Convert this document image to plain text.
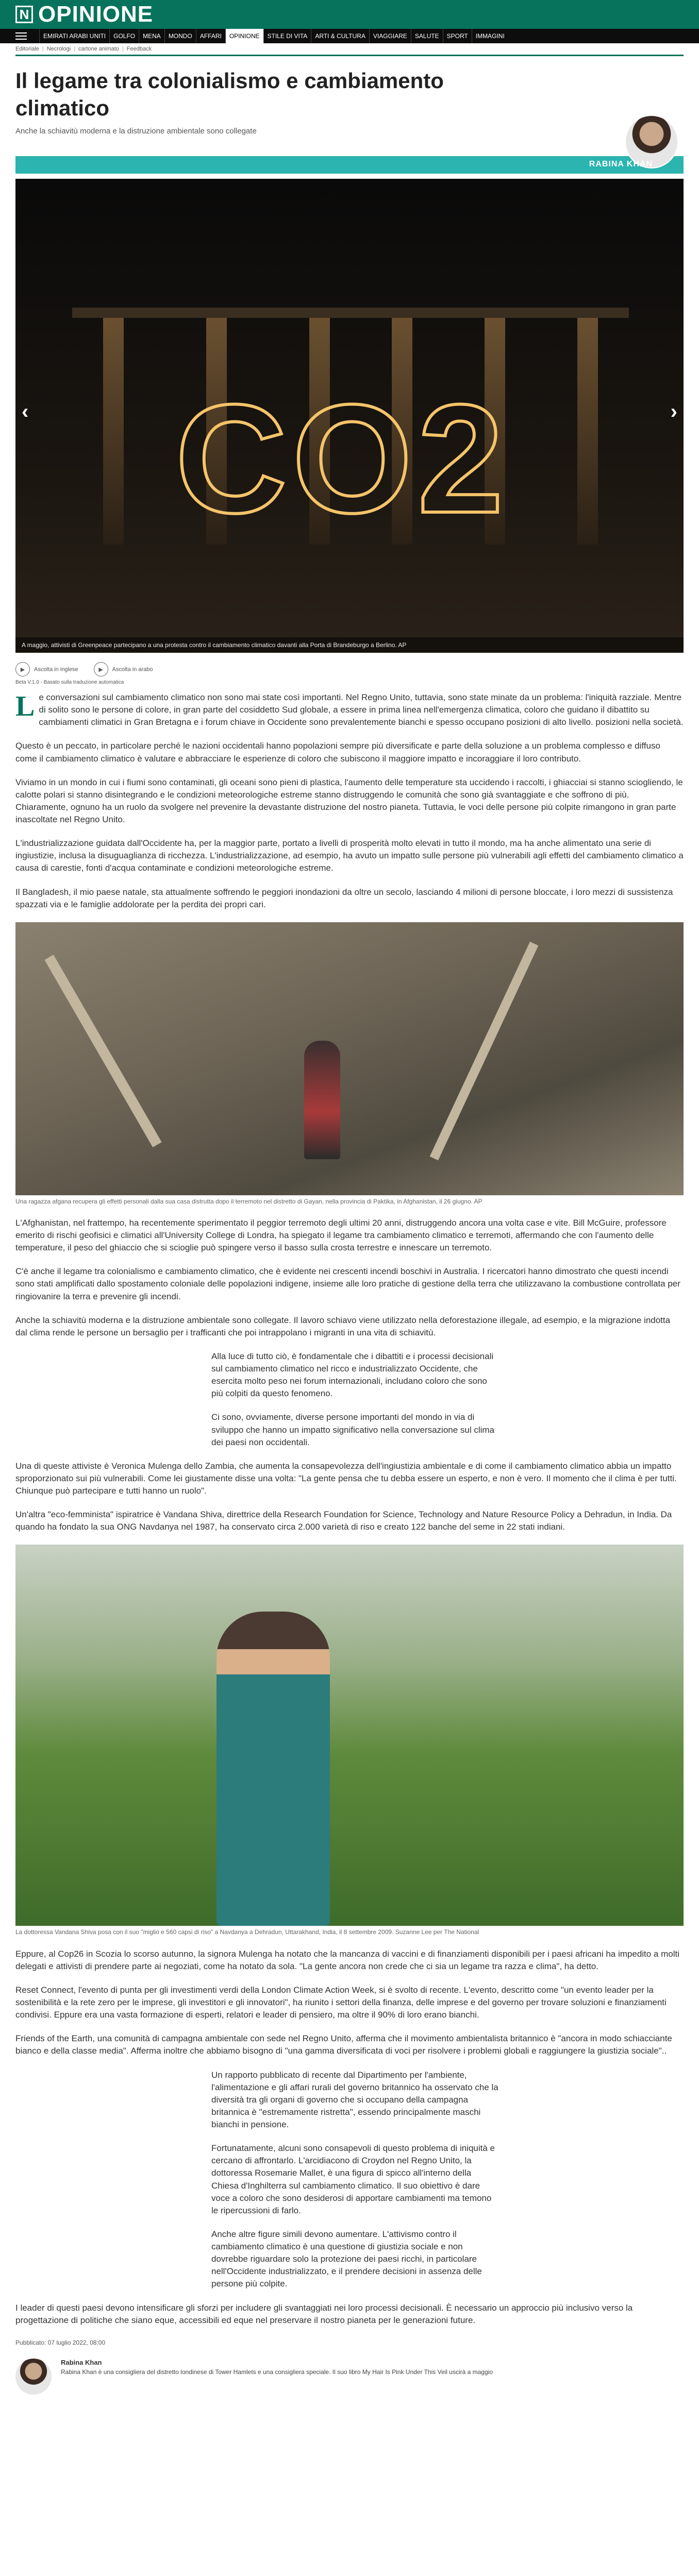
N OPINIONE
EMIRATI ARABI UNITI	GOLFO	MENA	MONDO	AFFARI	OPINIONE	STILE DI VITA	ARTI & CULTURA	VIAGGIARE	SALUTE	SPORT	IMMAGINI
Editoriale | Necrologi | cartone animato | Feedback
Il legame tra colonialismo e cambiamento climatico
Anche la schiavitù moderna e la distruzione ambientale sono collegate
RABINA KHAN
CO2
‹	›
A maggio, attivisti di Greenpeace partecipano a una protesta contro il cambiamento climatico davanti alla Porta di Brandeburgo a Berlino. AP
▶ Ascolta in inglese	▶ Ascolta in arabo
Beta V.1.0 - Basato sulla traduzione automatica

Le conversazioni sul cambiamento climatico non sono mai state così importanti. Nel Regno Unito, tuttavia, sono state minate da un problema: l'iniquità razziale. Mentre di solito sono le persone di colore, in gran parte del cosiddetto Sud globale, a essere in prima linea nell'emergenza climatica, coloro che guidano il dibattito su cambiamenti climatici in Gran Bretagna e i forum chiave in Occidente sono prevalentemente bianchi e spesso occupano posizioni di alto livello. posizioni nella società.

Questo è un peccato, in particolare perché le nazioni occidentali hanno popolazioni sempre più diversificate e parte della soluzione a un problema complesso e diffuso come il cambiamento climatico è valutare e abbracciare le esperienze di coloro che subiscono il maggiore impatto e incoraggiare il loro contributo.

Viviamo in un mondo in cui i fiumi sono contaminati, gli oceani sono pieni di plastica, l'aumento delle temperature sta uccidendo i raccolti, i ghiacciai si stanno sciogliendo, le calotte polari si stanno disintegrando e le condizioni meteorologiche estreme stanno distruggendo le comunità che sono già svantaggiate e che soffrono di più. Chiaramente, ognuno ha un ruolo da svolgere nel prevenire la devastante distruzione del nostro pianeta. Tuttavia, le voci delle persone più colpite rimangono in gran parte inascoltate nel Regno Unito.

L'industrializzazione guidata dall'Occidente ha, per la maggior parte, portato a livelli di prosperità molto elevati in tutto il mondo, ma ha anche alimentato una serie di ingiustizie, inclusa la disuguaglianza di ricchezza. L'industrializzazione, ad esempio, ha avuto un impatto sulle persone più vulnerabili agli effetti del cambiamento climatico a causa di carestie, fonti d'acqua contaminate e condizioni meteorologiche estreme.

Il Bangladesh, il mio paese natale, sta attualmente soffrendo le peggiori inondazioni da oltre un secolo, lasciando 4 milioni di persone bloccate, i loro mezzi di sussistenza spazzati via e le famiglie addolorate per la perdita dei propri cari.

Una ragazza afgana recupera gli effetti personali dalla sua casa distrutta dopo il terremoto nel distretto di Gayan, nella provincia di Paktika, in Afghanistan, il 26 giugno. AP

L'Afghanistan, nel frattempo, ha recentemente sperimentato il peggior terremoto degli ultimi 20 anni, distruggendo ancora una volta case e vite. Bill McGuire, professore emerito di rischi geofisici e climatici all'University College di Londra, ha spiegato il legame tra cambiamento climatico e terremoti, affermando che con l'aumento delle temperature, il peso del ghiaccio che si scioglie può spingere verso il basso sulla crosta terrestre e innescare un terremoto.

C'è anche il legame tra colonialismo e cambiamento climatico, che è evidente nei crescenti incendi boschivi in Australia. I ricercatori hanno dimostrato che questi incendi sono stati amplificati dallo spostamento coloniale delle popolazioni indigene, insieme alle loro pratiche di gestione della terra che utilizzavano la combustione controllata per ringiovanire la terra e prevenire gli incendi.

Anche la schiavitù moderna e la distruzione ambientale sono collegate. Il lavoro schiavo viene utilizzato nella deforestazione illegale, ad esempio, e la migrazione indotta dal clima rende le persone un bersaglio per i trafficanti che poi intrappolano i migranti in una vita di schiavitù.

Alla luce di tutto ciò, è fondamentale che i dibattiti e i processi decisionali sul cambiamento climatico nel ricco e industrializzato Occidente, che esercita molto peso nei forum internazionali, includano coloro che sono più colpiti da questo fenomeno.

Ci sono, ovviamente, diverse persone importanti del mondo in via di sviluppo che hanno un impatto significativo nella conversazione sul clima dei paesi non occidentali.

Una di queste attiviste è Veronica Mulenga dello Zambia, che aumenta la consapevolezza dell'ingiustizia ambientale e di come il cambiamento climatico abbia un impatto sproporzionato sui più vulnerabili. Come lei giustamente disse una volta: "La gente pensa che tu debba essere un esperto, e non è vero. Il momento che il clima è per tutti. Chiunque può partecipare e tutti hanno un ruolo".

Un'altra "eco-femminista" ispiratrice è Vandana Shiva, direttrice della Research Foundation for Science, Technology and Nature Resource Policy a Dehradun, in India. Da quando ha fondato la sua ONG Navdanya nel 1987, ha conservato circa 2.000 varietà di riso e creato 122 banche del seme in 22 stati indiani.

La dottoressa Vandana Shiva posa con il suo "miglio e 560 capsi di riso" a Navdanya a Dehradun, Uttarakhand, India, il 8 settembre 2009. Suzanne Lee per The National

Eppure, al Cop26 in Scozia lo scorso autunno, la signora Mulenga ha notato che la mancanza di vaccini e di finanziamenti disponibili per i paesi africani ha impedito a molti delegati e attivisti di prendere parte ai negoziati, come ha notato da sola. "La gente ancora non crede che ci sia un legame tra razza e clima", ha detto.

Reset Connect, l'evento di punta per gli investimenti verdi della London Climate Action Week, si è svolto di recente. L'evento, descritto come "un evento leader per la sostenibilità e la rete zero per le imprese, gli investitori e gli innovatori", ha riunito i settori della finanza, delle imprese e del governo per trovare soluzioni e finanziamenti condivisi. Eppure era una vasta formazione di esperti, relatori e leader di pensiero, ma oltre il 90% di loro erano bianchi.

Friends of the Earth, una comunità di campagna ambientale con sede nel Regno Unito, afferma che il movimento ambientalista britannico è "ancora in modo schiacciante bianco e della classe media". Afferma inoltre che abbiamo bisogno di "una gamma diversificata di voci per risolvere i problemi globali e raggiungere la giustizia sociale"..

Un rapporto pubblicato di recente dal Dipartimento per l'ambiente, l'alimentazione e gli affari rurali del governo britannico ha osservato che la diversità tra gli organi di governo che si occupano della campagna britannica è "estremamente ristretta", essendo principalmente maschi bianchi in pensione.

Fortunatamente, alcuni sono consapevoli di questo problema di iniquità e cercano di affrontarlo. L'arcidiacono di Croydon nel Regno Unito, la dottoressa Rosemarie Mallet, è una figura di spicco all'interno della Chiesa d'Inghilterra sul cambiamento climatico. Il suo obiettivo è dare voce a coloro che sono desiderosi di apportare cambiamenti ma temono le ripercussioni di farlo.

Anche altre figure simili devono aumentare. L'attivismo contro il cambiamento climatico è una questione di giustizia sociale e non dovrebbe riguardare solo la protezione dei paesi ricchi, in particolare nell'Occidente industrializzato, e il prendere decisioni in assenza delle persone più colpite.

I leader di questi paesi devono intensificare gli sforzi per includere gli svantaggiati nei loro processi decisionali. È necessario un approccio più inclusivo verso la progettazione di politiche che siano eque, accessibili ed eque nel preservare il nostro pianeta per le generazioni future.

Pubblicato: 07 luglio 2022, 08:00
Rabina Khan
Rabina Khan è una consigliera del distretto londinese di Tower Hamlets e una consigliera speciale. Il suo libro My Hair Is Pink Under This Veil uscirà a maggio
